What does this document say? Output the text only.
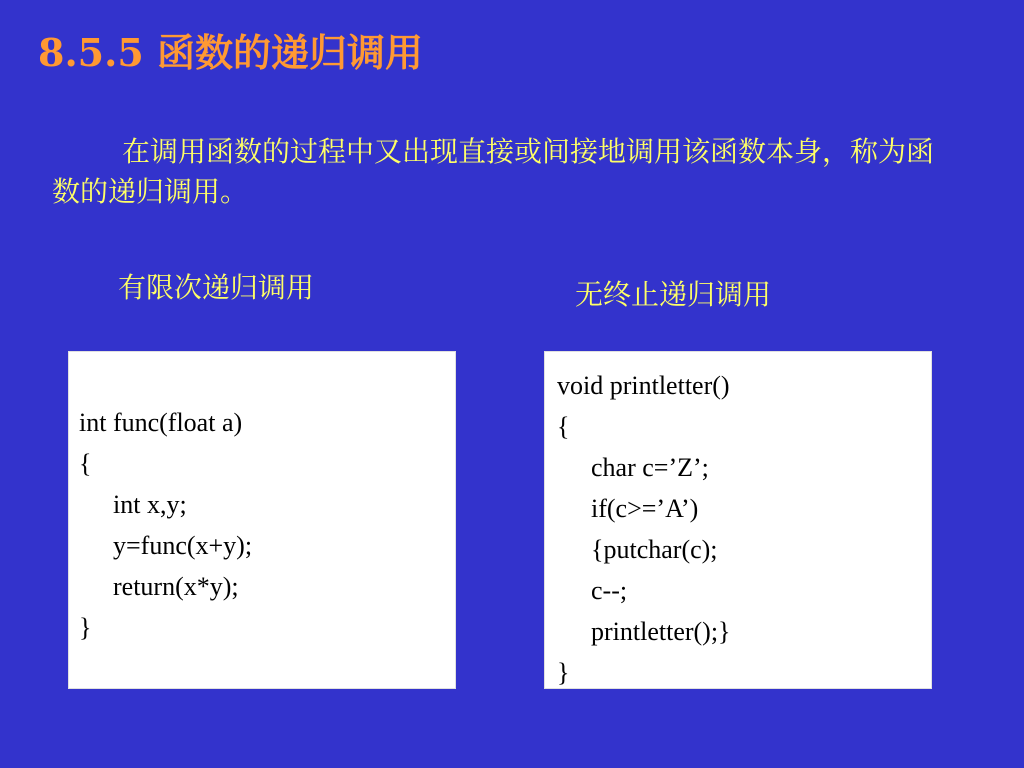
8.5.5 函数的递归调用
在调用函数的过程中又出现直接或间接地调用该函数本身，称为函数的递归调用。
有限次递归调用	无终止递归调用
int func(float a)
{
int x,y;
y=func(x+y);
return(x*y);
}
void printletter()
{
char c=’Z’;
if(c>=’A’)
{putchar(c);
c--;
printletter();}
}
